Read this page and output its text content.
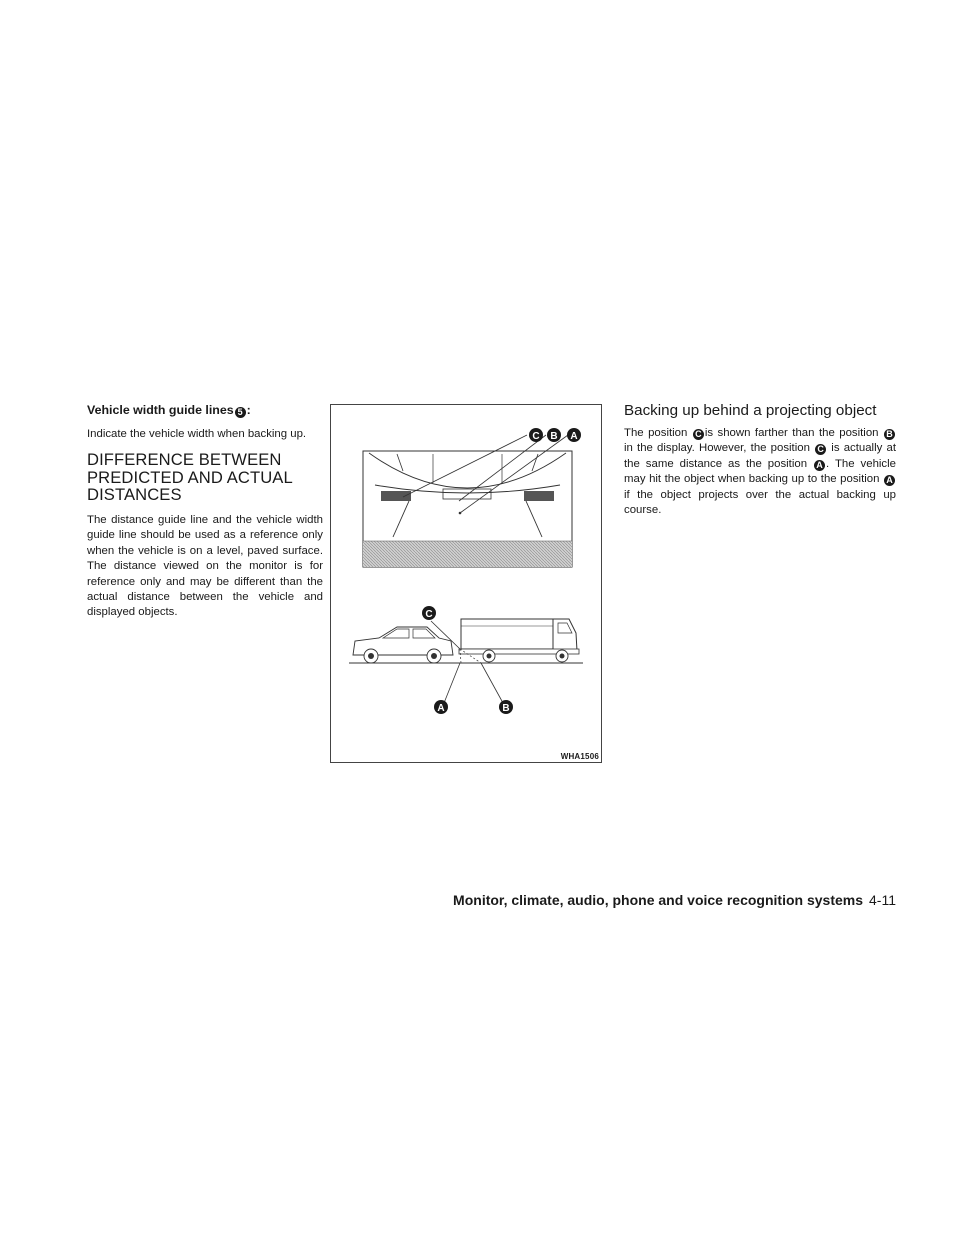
Vehicle width guide lines 5 :

Indicate the vehicle width when backing up.

DIFFERENCE BETWEEN PREDICTED AND ACTUAL DISTANCES

The distance guide line and the vehicle width guide line should be used as a reference only when the vehicle is on a level, paved surface. The distance viewed on the monitor is for reference only and may be different than the actual distance between the vehicle and displayed objects.

C B A
C
A	B
WHA1506
Backing up behind a projecting object

The position C is shown farther than the position B in the display. However, the position C is actually at the same distance as the position A . The vehicle may hit the object when backing up to the position A if the object projects over the actual backing up course.

Monitor, climate, audio, phone and voice recognition systems 4-11
